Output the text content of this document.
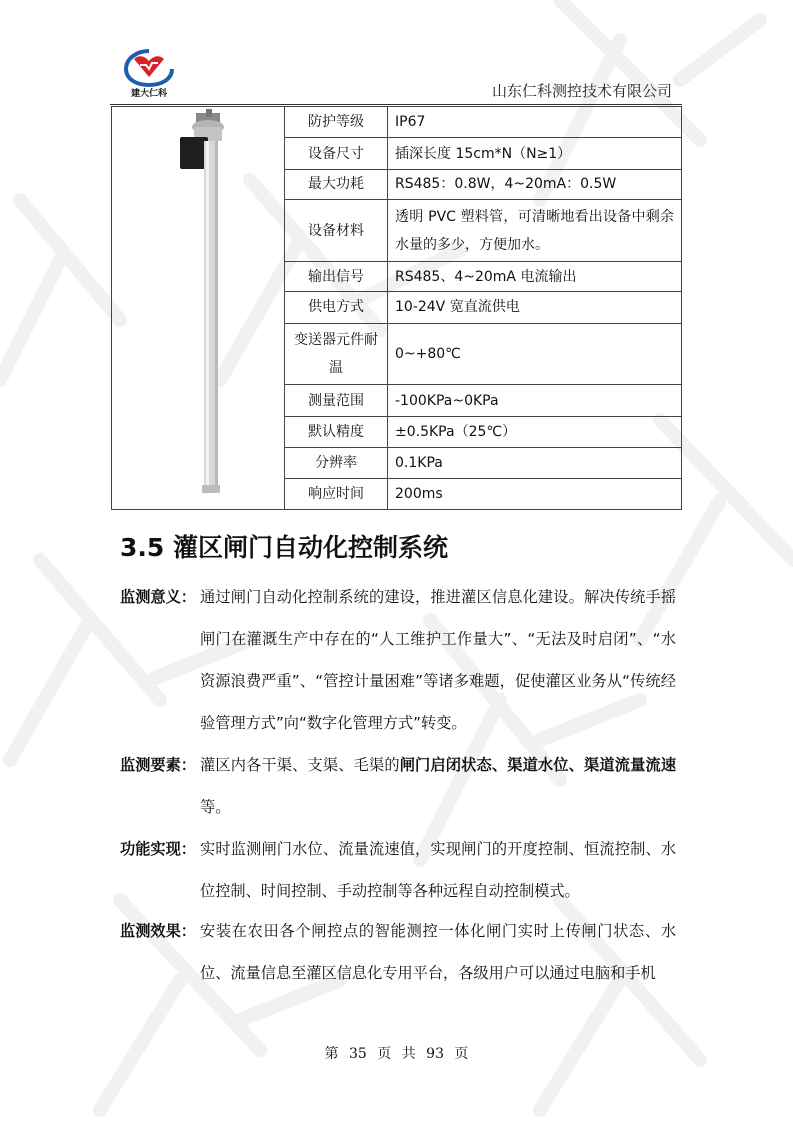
建大仁科	山东仁科测控技术有限公司
	防护等级	IP67
	设备尺寸	插深长度 15cm*N（N≥1）
	最大功耗	RS485：0.8W，4~20mA：0.5W
	设备材料	透明 PVC 塑料管，可清晰地看出设备中剩余水量的多少，方便加水。
	输出信号	RS485、4~20mA 电流输出
	供电方式	10-24V 宽直流供电
	变送器元件耐温	0~+80℃
	测量范围	-100KPa~0KPa
	默认精度	±0.5KPa（25℃）
	分辨率	0.1KPa
	响应时间	200ms
3.5 灌区闸门自动化控制系统
监测意义： 通过闸门自动化控制系统的建设，推进灌区信息化建设。解决传统手摇闸门在灌溉生产中存在的“人工维护工作量大”、“无法及时启闭”、“水资源浪费严重”、“管控计量困难”等诸多难题，促使灌区业务从“传统经验管理方式”向“数字化管理方式”转变。
监测要素： 灌区内各干渠、支渠、毛渠的闸门启闭状态、渠道水位、渠道流量流速等。
功能实现： 实时监测闸门水位、流量流速值，实现闸门的开度控制、恒流控制、水位控制、时间控制、手动控制等各种远程自动控制模式。
监测效果： 安装在农田各个闸控点的智能测控一体化闸门实时上传闸门状态、水位、流量信息至灌区信息化专用平台，各级用户可以通过电脑和手机
第 35 页 共 93 页
